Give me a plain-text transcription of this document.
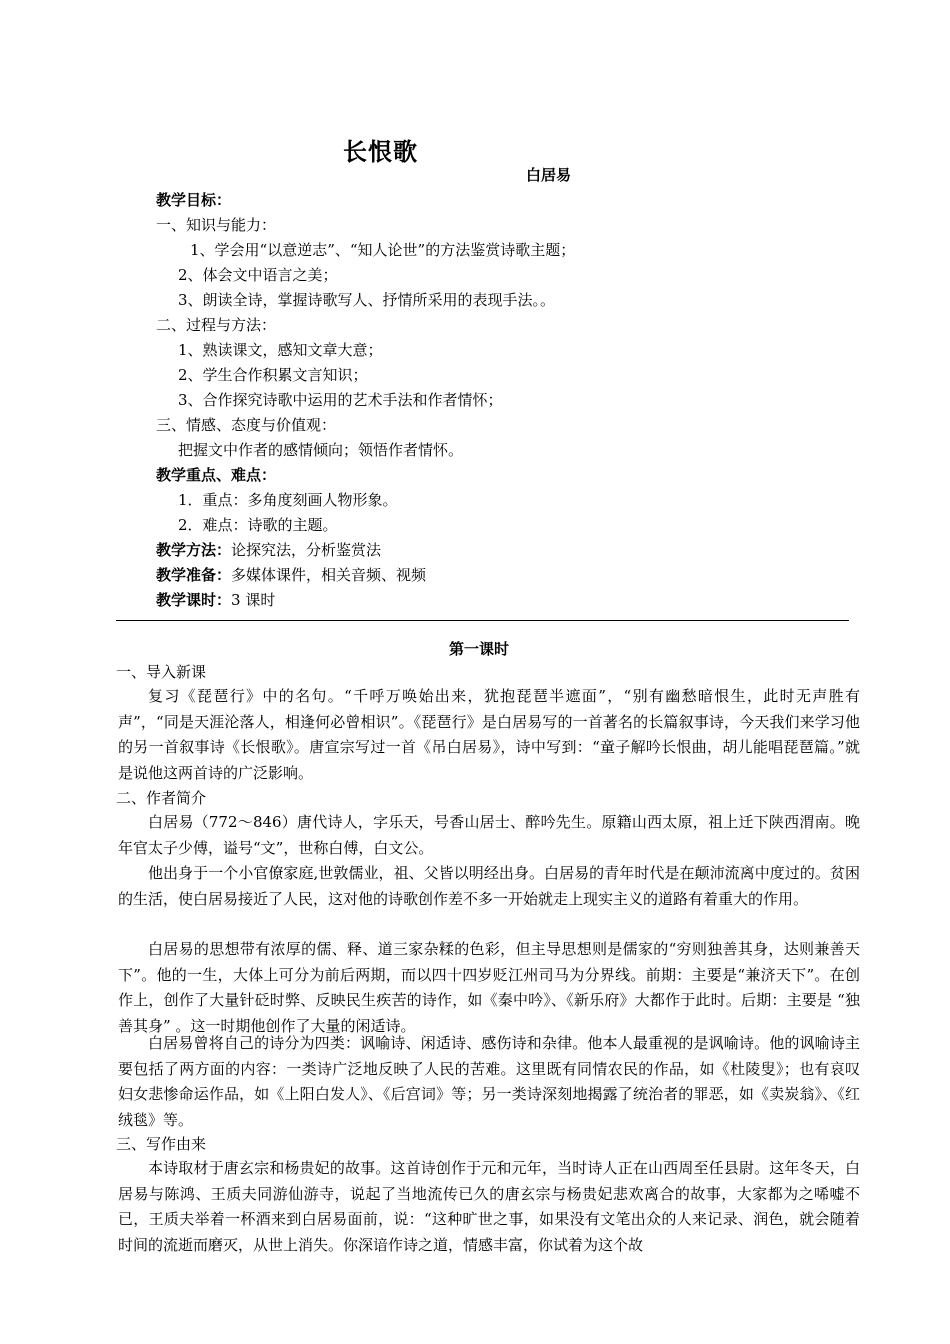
长恨歌
白居易
教学目标：
一、知识与能力：
1、学会用“以意逆志”、“知人论世”的方法鉴赏诗歌主题；
2、体会文中语言之美；
3、朗读全诗，掌握诗歌写人、抒情所采用的表现手法。。
二、过程与方法：
1、熟读课文，感知文章大意；
2、学生合作积累文言知识；
3、合作探究诗歌中运用的艺术手法和作者情怀；
三、情感、态度与价值观：
把握文中作者的感情倾向；领悟作者情怀。
教学重点、难点：
1．重点：多角度刻画人物形象。
2．难点：诗歌的主题。
教学方法：论探究法，分析鉴赏法
教学准备：多媒体课件，相关音频、视频
教学课时：3 课时
第一课时
一、导入新课

复习《琵琶行》中的名句。“千呼万唤始出来，犹抱琵琶半遮面”，“别有幽愁暗恨生，此时无声胜有声”，“同是天涯沦落人，相逢何必曾相识”。《琵琶行》是白居易写的一首著名的长篇叙事诗，今天我们来学习他的另一首叙事诗《长恨歌》。唐宣宗写过一首《吊白居易》，诗中写到：“童子解吟长恨曲，胡儿能唱琵琶篇。”就是说他这两首诗的广泛影响。

二、作者简介

白居易（772～846）唐代诗人，字乐天，号香山居士、醉吟先生。原籍山西太原，祖上迁下陕西渭南。晚年官太子少傅，谥号“文”，世称白傅，白文公。

他出身于一个小官僚家庭,世敦儒业，祖、父皆以明经出身。白居易的青年时代是在颠沛流离中度过的。贫困的生活，使白居易接近了人民，这对他的诗歌创作差不多一开始就走上现实主义的道路有着重大的作用。

白居易的思想带有浓厚的儒、释、道三家杂糅的色彩，但主导思想则是儒家的“穷则独善其身，达则兼善天下”。他的一生，大体上可分为前后两期，而以四十四岁贬江州司马为分界线。前期：主要是“兼济天下”。在创作上，创作了大量针砭时弊、反映民生疾苦的诗作，如《秦中吟》、《新乐府》大都作于此时。后期：主要是 “独善其身” 。这一时期他创作了大量的闲适诗。

白居易曾将自己的诗分为四类：讽喻诗、闲适诗、感伤诗和杂律。他本人最重视的是讽喻诗。他的讽喻诗主要包括了两方面的内容：一类诗广泛地反映了人民的苦难。这里既有同情农民的作品，如《杜陵叟》；也有哀叹妇女悲惨命运作品，如《上阳白发人》、《后宫词》等；另一类诗深刻地揭露了统治者的罪恶，如《卖炭翁》、《红绒毯》等。

三、写作由来

本诗取材于唐玄宗和杨贵妃的故事。这首诗创作于元和元年，当时诗人正在山西周至任县尉。这年冬天，白居易与陈鸿、王质夫同游仙游寺，说起了当地流传已久的唐玄宗与杨贵妃悲欢离合的故事，大家都为之唏嘘不已，王质夫举着一杯酒来到白居易面前，说：“这种旷世之事，如果没有文笔出众的人来记录、润色，就会随着时间的流逝而磨灭，从世上消失。你深谙作诗之道，情感丰富，你试着为这个故
